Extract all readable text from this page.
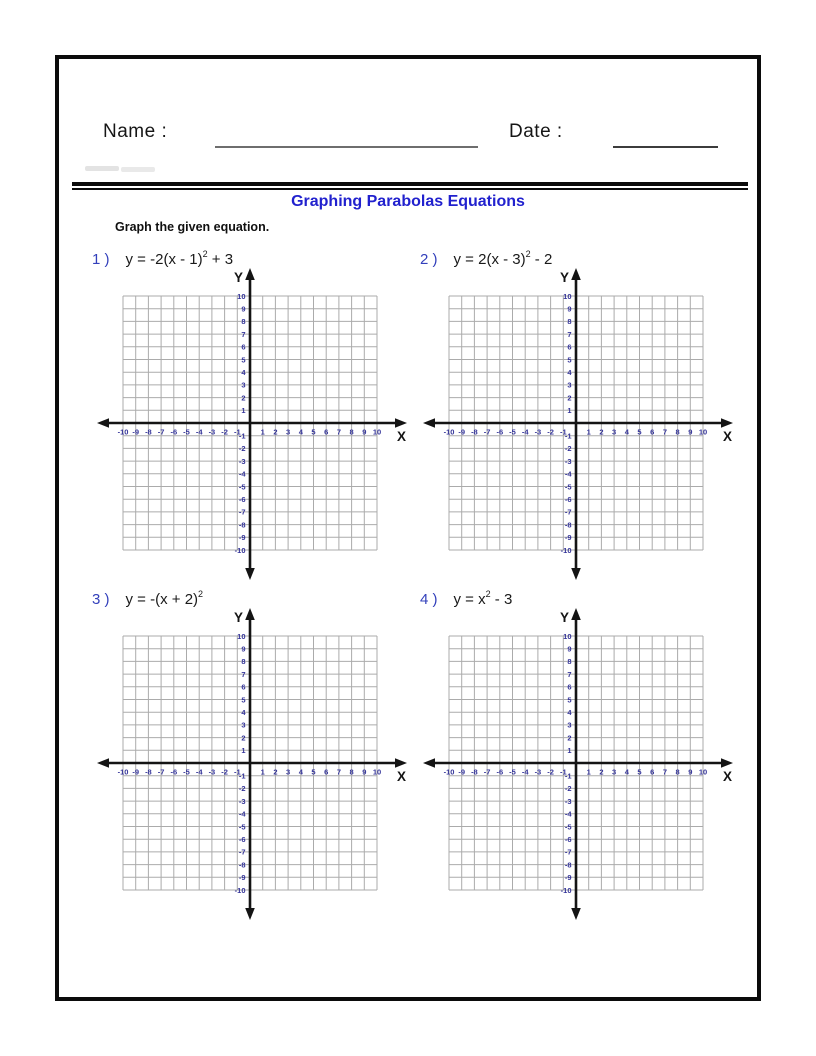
Name :	Date :
Graphing Parabolas Equations
Graph the given equation.
1 ) y = -2(x - 1)$^2$ + 3	2 ) y = 2(x - 3)$^2$ - 2
3 ) $y = -(x + 2)^2$	4 ) $y = x^2 - 3$
-10 -9 -8 -7 -6 -5 -4 -3 -2 -1	1 2 3 4 5 6 7 8 9 10
-10
-9
-8
-7
-6
-5
-4
-3
-2
-1
1
2
3
4
5
6
7
8
9
10
Y
X	-10 -9 -8 -7 -6 -5 -4 -3 -2 -1	1 2 3 4 5 6 7 8 9 10
-10
-9
-8
-7
-6
-5
-4
-3
-2
-1
1
2
3
4
5
6
7
8
9
10
Y
X
-10 -9 -8 -7 -6 -5 -4 -3 -2 -1	1 2 3 4 5 6 7 8 9 10
-10
-9
-8
-7
-6
-5
-4
-3
-2
-1
1
2
3
4
5
6
7
8
9
10
Y
X	-10 -9 -8 -7 -6 -5 -4 -3 -2 -1	1 2 3 4 5 6 7 8 9 10
-10
-9
-8
-7
-6
-5
-4
-3
-2
-1
1
2
3
4
5
6
7
8
9
10
Y
X
